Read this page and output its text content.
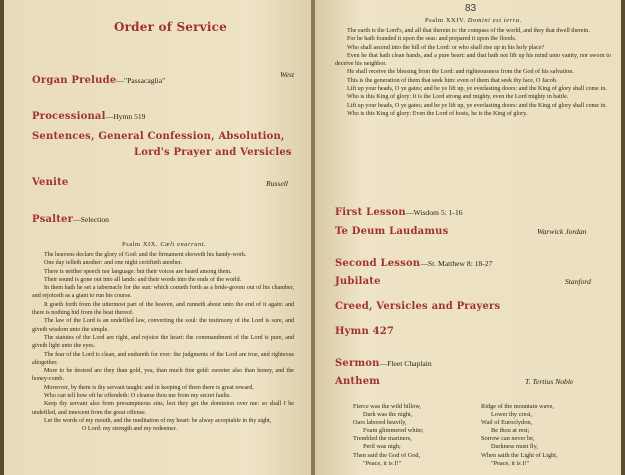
Order of Service
Organ Prelude—"Passacaglia"
West
Processional—Hymn 519
Sentences, General Confession, Absolution,
Lord's Prayer and Versicles
Venite	Russell
Psalter—Selection
Psalm XIX. Cœli enarrant.

The heavens declare the glory of God: and the firmament showeth his handy-work.

One day telleth another: and one night certifieth another.

There is neither speech nor language: but their voices are heard among them.

Their sound is gone out into all lands: and their words into the ends of the world.

In them hath he set a tabernacle for the sun: which cometh forth as a bride-groom out of his chamber, and rejoiceth as a giant to run his course.

It goeth forth from the uttermost part of the heaven, and runneth about unto the end of it again: and there is nothing hid from the heat thereof.

The law of the Lord is an undefiled law, converting the soul: the testimony of the Lord is sure, and giveth wisdom unto the simple.

The statutes of the Lord are right, and rejoice the heart: the commandment of the Lord is pure, and giveth light unto the eyes.

The fear of the Lord is clean, and endureth for ever: the judgments of the Lord are true, and righteous altogether.

More to be desired are they than gold, yea, than much fine gold: sweeter also than honey, and the honey-comb.

Moreover, by them is thy servant taught: and in keeping of them there is great reward.

Who can tell how oft he offendeth: O cleanse thou me from my secret faults.

Keep thy servant also from presumptuous sins, lest they get the dominion over me: so shall I be undefiled, and innocent from the great offense.

Let the words of my mouth, and the meditation of my heart: be alway acceptable in thy sight,

O Lord: my strength and my redeemer.

83
Psalm XXIV. Domini est terra.

The earth is the Lord's, and all that therein is: the compass of the world, and they that dwell therein.

For he hath founded it upon the seas: and prepared it upon the floods.

Who shall ascend into the hill of the Lord: or who shall rise up in his holy place?

Even he that hath clean hands, and a pure heart: and that hath not lift up his mind unto vanity, nor sworn to deceive his neighbor.

He shall receive the blessing from the Lord: and righteousness from the God of his salvation.

This is the generation of them that seek him: even of them that seek thy face, O Jacob.

Lift up your heads, O ye gates; and be ye lift up, ye everlasting doors: and the King of glory shall come in.

Who is this King of glory: It is the Lord strong and mighty, even the Lord mighty in battle.

Lift up your heads, O ye gates; and be ye lift up, ye everlasting doors: and the King of glory shall come in.

Who is this King of glory: Even the Lord of hosts, he is the King of glory.

First Lesson—Wisdom 5: 1-16
Te Deum Laudamus	Warwick Jordan
Second Lesson—St. Matthew 8: 18-27
Jubilate	Stanford
Creed, Versicles and Prayers
Hymn 427
Sermon—Fleet Chaplain
Anthem	T. Tertius Noble
Fierce was the wild billow,
Dark was the night,
Oars labored heavily,
Foam glimmered white;
Trembled the mariners,
Peril was nigh;
Then said the God of God,
"Peace, it is I!"
Ridge of the mountain wave,
Lower thy crest,
Wail of Euroclydon,
Be thou at rest;
Sorrow can never be,
Darkness must fly,
When saith the Light of Light,
"Peace, it is I!"
